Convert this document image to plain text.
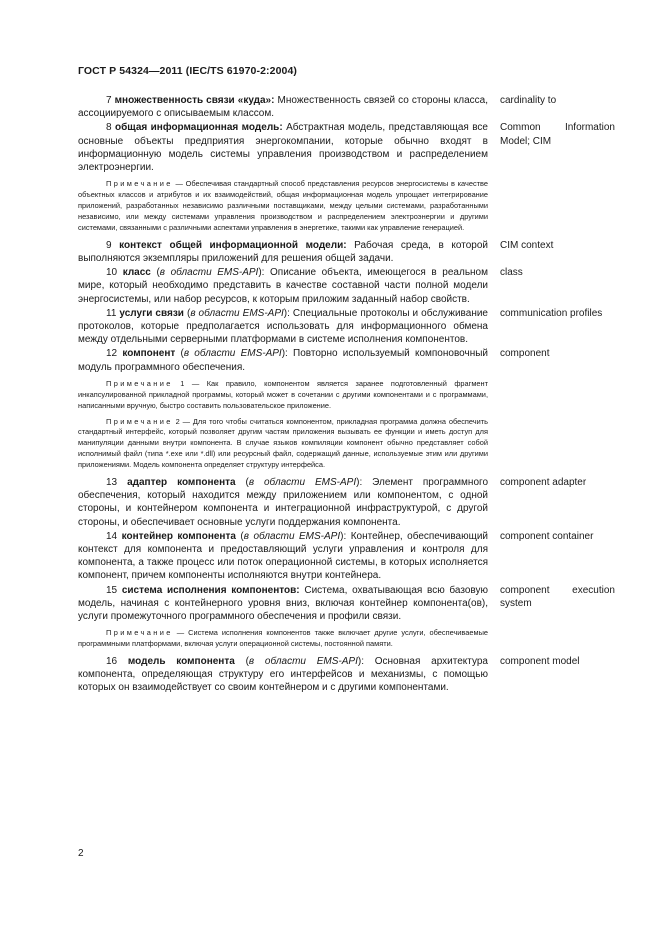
ГОСТ Р 54324—2011 (IEC/TS 61970-2:2004)
7 множественность связи «куда»: Множественность связей со стороны класса, ассоциируемого с описываемым классом.
cardinality to
8 общая информационная модель: Абстрактная модель, представляющая все основные объекты предприятия энергокомпании, которые обычно входят в информационную модель системы управления производством и распределением электроэнергии.
Common Information Model; CIM
Примечание — Обеспечивая стандартный способ представления ресурсов энергосистемы в качестве объектных классов и атрибутов и их взаимодействий, общая информационная модель упрощает интегрирование приложений, разработанных независимо различными поставщиками, между целыми системами, разработанными независимо, или между системами управления производством и распределением электроэнергии и другими системами, связанными с различными аспектами управления в энергетике, такими как управление генерацией.
9 контекст общей информационной модели: Рабочая среда, в которой выполняются экземпляры приложений для решения общей задачи.
CIM context
10 класс (в области EMS-API): Описание объекта, имеющегося в реальном мире, который необходимо представить в качестве составной части полной модели энергосистемы, или набор ресурсов, к которым приложим заданный набор свойств.
class
11 услуги связи (в области EMS-API): Специальные протоколы и обслуживание протоколов, которые предполагается использовать для информационного обмена между отдельными серверными платформами в системе исполнения компонентов.
communication profiles
12 компонент (в области EMS-API): Повторно используемый компоновочный модуль программного обеспечения.
component
Примечание 1 — Как правило, компонентом является заранее подготовленный фрагмент инкапсулированной прикладной программы, который может в сочетании с другими компонентами и с программами, написанными вручную, быстро составить пользовательское приложение.
Примечание 2 — Для того чтобы считаться компонентом, прикладная программа должна обеспечить стандартный интерфейс, который позволяет другим частям приложения вызывать ее функции и иметь доступ для манипуляции данными внутри компонента. В случае языков компиляции компонент обычно представляет собой исполнимый файл (типа *.exe или *.dll) или ресурсный файл, содержащий данные, используемые этим или другими приложениями. Модель компонента определяет структуру интерфейса.
13 адаптер компонента (в области EMS-API): Элемент программного обеспечения, который находится между приложением или компонентом, с одной стороны, и контейнером компонента и интеграционной инфраструктурой, с другой стороны, и обеспечивает основные услуги поддержания компонента.
component adapter
14 контейнер компонента (в области EMS-API): Контейнер, обеспечивающий контекст для компонента и предоставляющий услуги управления и контроля для компонента, а также процесс или поток операционной системы, в которых исполняется компонент, причем компоненты исполняются внутри контейнера.
component container
15 система исполнения компонентов: Система, охватывающая всю базовую модель, начиная с контейнерного уровня вниз, включая контейнер компонента(ов), услуги промежуточного программного обеспечения и профили связи.
component execution system
Примечание — Система исполнения компонентов также включает другие услуги, обеспечиваемые программными платформами, включая услуги операционной системы, постоянной памяти.
16 модель компонента (в области EMS-API): Основная архитектура компонента, определяющая структуру его интерфейсов и механизмы, с помощью которых он взаимодействует со своим контейнером и с другими компонентами.
component model
2
